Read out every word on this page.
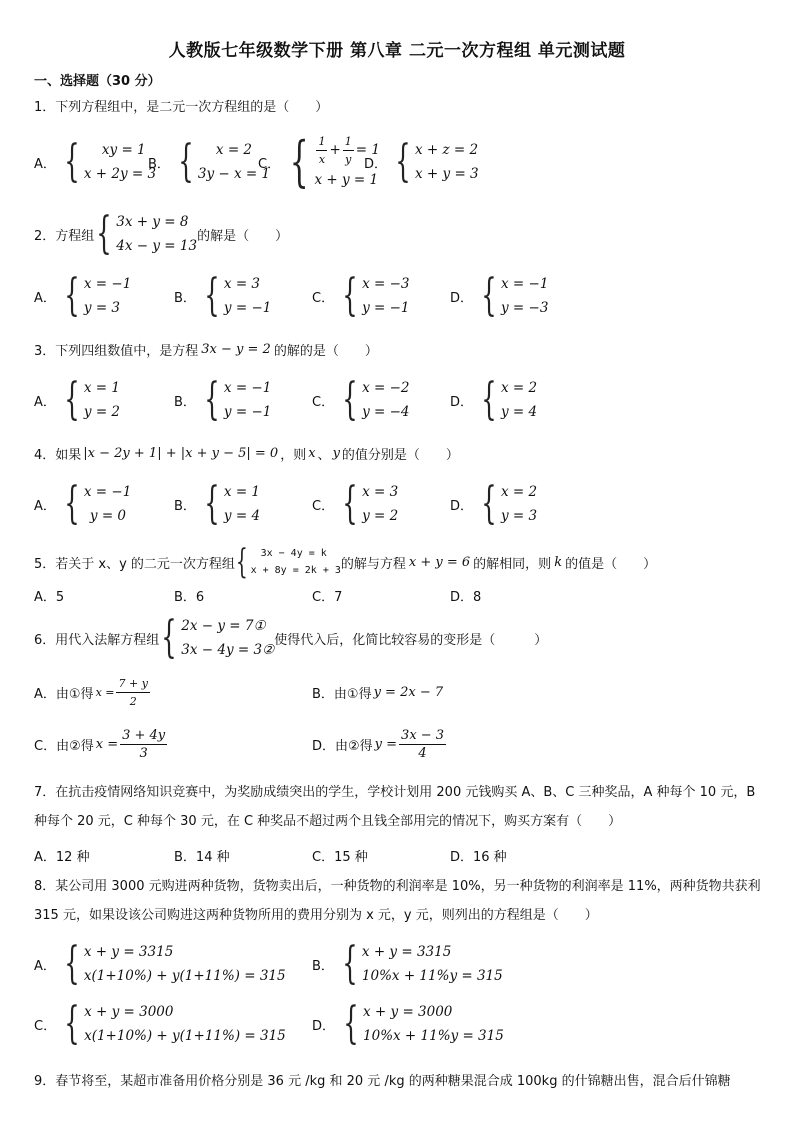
人教版七年级数学下册 第八章 二元一次方程组 单元测试题
一、选择题（30 分）
1．下列方程组中，是二元一次方程组的是（　　）
A． {	xy = 1
x + 2y = 3
B． {	x = 2
3y − x = 1
C． { $\frac{1}{x} + \frac{1}{y} = 1$
x + y = 1
D． { x + z = 2
x + y = 3
2．方程组 { 3x + y = 8
4x − y = 13
的解是（　　）
A． { x = −1
y = 3
B． { x = 3
y = −1
C． { x = −3
y = −1
D． { x = −1
y = −3
3．下列四组数值中，是方程 3x − y = 2 的解的是（　　）
A． { x = 1
y = 2
B． { x = −1
y = −1
C． { x = −2
y = −4
D． { x = 2
y = 4
4．如果 |x − 2y + 1| + |x + y − 5| = 0 ，则 x 、 y 的值分别是（　　）
A． { x = −1
y = 0
B． { x = 1
y = 4
C． { x = 3
y = 2
D． { x = 2
y = 3
5．若关于 x、y 的二元一次方程组 {	3x − 4y = k
x + 8y = 2k + 3 的解与方程 x + y = 6 的解相同，则 k 的值是（　　）
A．5	B．6	C．7	D．8
6．用代入法解方程组 { 2x − y = 7①
3x − 4y = 3②
使得代入后，化简比较容易的变形是（　　　）
A．由①得 $x = \frac{7 + y}{2}$	B．由①得 y = 2x − 7
C．由②得 $x = \frac{3 + 4y}{3}$	D．由②得 $y = \frac{3x - 3}{4}$
7．在抗击疫情网络知识竞赛中，为奖励成绩突出的学生，学校计划用 200 元钱购买 A、B、C 三种奖品，A 种每个 10 元，B 种每个 20 元，C 种每个 30 元，在 C 种奖品不超过两个且钱全部用完的情况下，购买方案有（　　）
A．12 种	B．14 种	C．15 种	D．16 种
8．某公司用 3000 元购进两种货物，货物卖出后，一种货物的利润率是 10%，另一种货物的利润率是 11%，两种货物共获利 315 元，如果设该公司购进这两种货物所用的费用分别为 x 元，y 元，则列出的方程组是（　　）
A． { x + y = 3315
x(1+10%) + y(1+11%) = 315
B． { x + y = 3315
10%x + 11%y = 315
C． { x + y = 3000
x(1+10%) + y(1+11%) = 315
D． { x + y = 3000
10%x + 11%y = 315
9．春节将至，某超市准备用价格分别是 36 元 /kg 和 20 元 /kg 的两种糖果混合成 100kg 的什锦糖出售，混合后什锦糖
